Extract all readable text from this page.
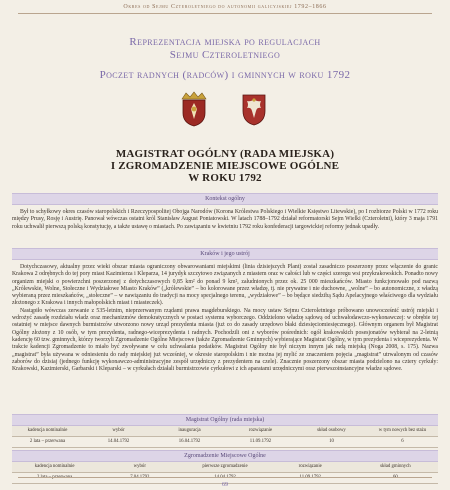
Okres od Sejmu Czteroletniego do autonomii galicyjskiej 1792–1866
Reprezentacja miejska po regulacjach
Sejmu Czteroletniego
Poczet radnych (radców) i gminnych w roku 1792
MAGISTRAT OGÓLNY (RADA MIEJSKA)
I ZGROMADZENIE MIEJSCOWE OGÓLNE
W ROKU 1792
Kontekst ogólny

Był to schyłkowy okres czasów staropolskich i Rzeczypospolitej Obojga Narodów (Korona Królestwa Polskiego i Wielkie Księstwo Litewskie), po I rozbiorze Polski w 1772 roku między Prusy, Rosję i Austrię. Panował wówczas ostatni król Stanisław August Poniatowski. W latach 1788–1792 działał reformatorski Sejm Wielki (Czteroletni), który 3 maja 1791 roku uchwalił pierwszą polską konstytucję, a także ustawę o miastach. Po zawiązaniu w kwietniu 1792 roku konfederacji targowickiej reformy jednak upadły.

Kraków i jego ustrój

Dotychczasowy, aktualny przez wieki obszar miasta ograniczony obwarowaniami miejskimi (linia dzisiejszych Plant) został zasadniczo poszerzony przez włączenie do granic Krakowa 2 odrębnych do tej pory miast Kazimierza i Kleparza, 14 jurydyk szczytowo związanych z miastem oraz w całości lub w części szeregu wsi przykrakowskich. Ponadto nowy organizm miejski o powierzchni poszerzonej z dotychczasowych 0,85 km² do ponad 9 km², zaludnionych przez ok. 25 000 mieszkańców. Miasto funkcjonowało pod nazwą „Królewskie, Wolne, Stołeczne i Wydziałowe Miasto Kraków” („królewskie” – bo kolorowane przez władzę, tj. nie prywatne i nie duchowne, „wolne” – bo autonomiczne, z władzą wybieraną przez mieszkańców, „stołeczne” – w nawiązaniu do tradycji na mocy specjalnego terenu, „wydziałowe” – bo będące siedzibą Sądu Apelacyjnego właściwego dla wydziału złożonego z Krakowa i innych małopolskich miast i miasteczek).

Nastąpiło wówczas zerwanie z 535-letnim, nieprzerwanym rządami prawa magdeburskiego. Na mocy ustaw Sejmu Czteroletniego próbowano unowocześnić ustrój miejski i wdrożyć zasadę rozdziału władz oraz mechanizmów demokratycznych w postaci systemu wyborczego. Oddzielono władzę sądową od uchwałodawczo-wykonawczej: w obrębie tej ostatniej w miejsce dawnych burmistrzów utworzono nowy urząd prezydenta miasta (już co do zasady urzędowo błaki dziesięciomiesięcznego). Głównym organem był Magistrat Ogólny złożony z 10 osób, w tym prezydenta, radnego-wiceprezydenta i radnych. Pochodzili oni z wyborów pośrednich: ogół krakowskich posesjonatów wybierał na 2-letnią kadencję 60 tzw. gminnych, którzy tworzyli Zgromadzenie Ogólne Miejscowe (także Zgromadzenie Gminnych) wybierające Magistrat Ogólny, w tym prezydenta i wiceprezydenta. W trakcie kadencji Zgromadzenie to miało być zwoływane w celu uchwalania podatków. Magistrat Ogólny nie był niczym innym jak radą miejską (Noga 2008, s. 175). Nazwa „magistrat” była używana w odniesieniu do rady miejskiej już wcześniej, w okresie staropolskim i nie można jej mylić ze znaczeniem pojęcia „magistrat” utrwalonym od czasów zaborów do dzisiaj (jednego funkcję wykonawczo-administracyjne zespół urzędniczy z prezydentem na czele). Znacznie poszerzony obszar miasta podzielono na cztery cyrkuły: Krakowski, Kazimierski, Garbarski i Kleparski – w cyrkułach działali burmistrzowie cyrkułowi z ich aparatami urzędniczymi oraz pierwszoinstancyjne władze sądowe.

Magistrat Ogólny (rada miejska)
kadencja nominalnie	wybór	inauguracja	rozwiązanie	skład osobowy	w tym nowych bez stażu
2 lata – przerwana	14.04.1792	16.04.1792	11.09.1792	10	6
Zgromadzenie Miejscowe Ogólne
kadencja nominalnie	wybór	pierwsze zgromadzenie	rozwiązanie	skład gminnych
2 lata – przerwana	7.04.1792	14.04.1792	11.09.1792	60
69
